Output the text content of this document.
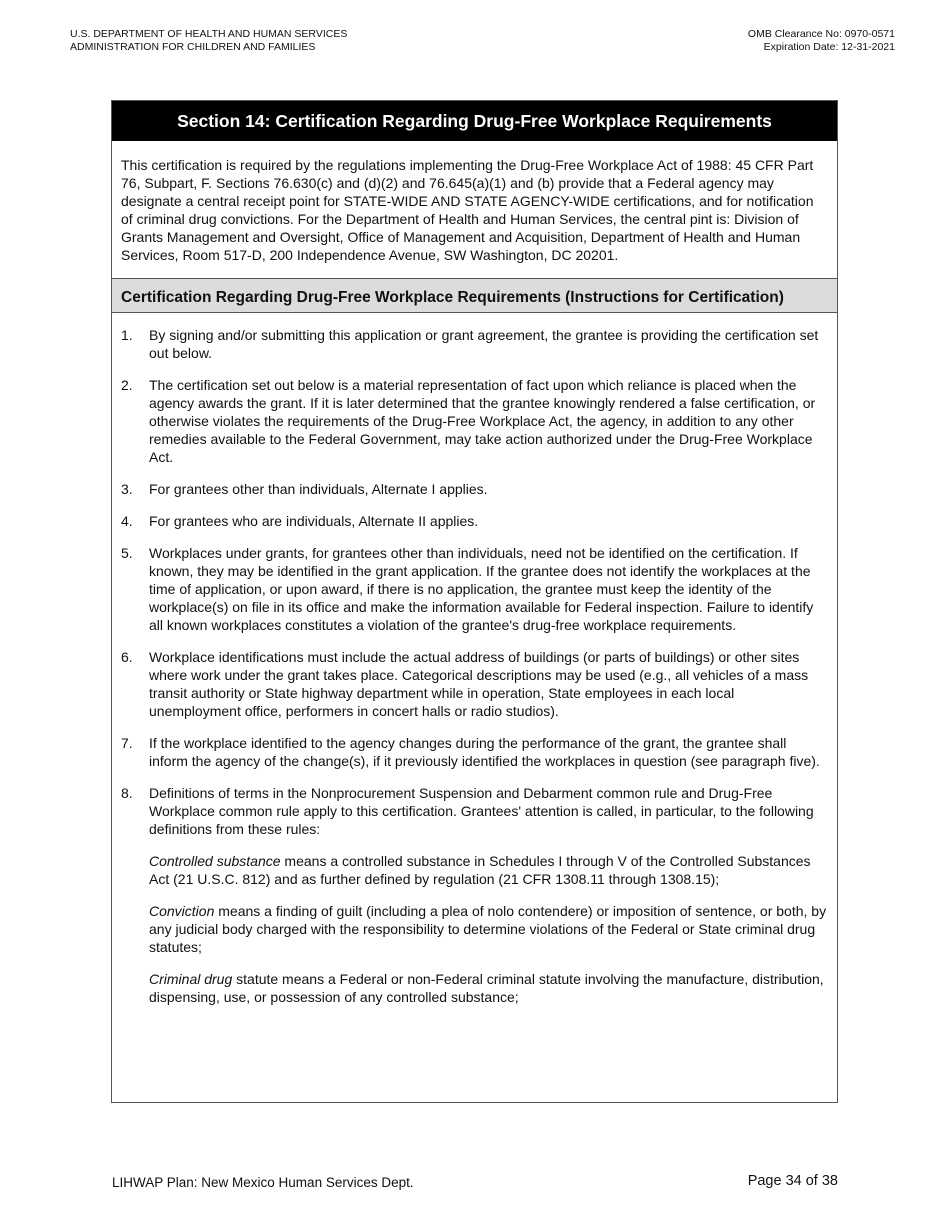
U.S. DEPARTMENT OF HEALTH AND HUMAN SERVICES
ADMINISTRATION FOR CHILDREN AND FAMILIES
OMB Clearance No: 0970-0571
Expiration Date: 12-31-2021
Section 14: Certification Regarding Drug-Free Workplace Requirements
This certification is required by the regulations implementing the Drug-Free Workplace Act of 1988: 45 CFR Part 76, Subpart, F. Sections 76.630(c) and (d)(2) and 76.645(a)(1) and (b) provide that a Federal agency may designate a central receipt point for STATE-WIDE AND STATE AGENCY-WIDE certifications, and for notification of criminal drug convictions. For the Department of Health and Human Services, the central pint is: Division of Grants Management and Oversight, Office of Management and Acquisition, Department of Health and Human Services, Room 517-D, 200 Independence Avenue, SW Washington, DC 20201.
Certification Regarding Drug-Free Workplace Requirements (Instructions for Certification)
1.	By signing and/or submitting this application or grant agreement, the grantee is providing the certification set out below.
2.	The certification set out below is a material representation of fact upon which reliance is placed when the agency awards the grant. If it is later determined that the grantee knowingly rendered a false certification, or otherwise violates the requirements of the Drug-Free Workplace Act, the agency, in addition to any other remedies available to the Federal Government, may take action authorized under the Drug-Free Workplace Act.
3.	For grantees other than individuals, Alternate I applies.
4.	For grantees who are individuals, Alternate II applies.
5.	Workplaces under grants, for grantees other than individuals, need not be identified on the certification. If known, they may be identified in the grant application. If the grantee does not identify the workplaces at the time of application, or upon award, if there is no application, the grantee must keep the identity of the workplace(s) on file in its office and make the information available for Federal inspection. Failure to identify all known workplaces constitutes a violation of the grantee's drug-free workplace requirements.
6.	Workplace identifications must include the actual address of buildings (or parts of buildings) or other sites where work under the grant takes place. Categorical descriptions may be used (e.g., all vehicles of a mass transit authority or State highway department while in operation, State employees in each local unemployment office, performers in concert halls or radio studios).
7.	If the workplace identified to the agency changes during the performance of the grant, the grantee shall inform the agency of the change(s), if it previously identified the workplaces in question (see paragraph five).
8.	Definitions of terms in the Nonprocurement Suspension and Debarment common rule and Drug-Free Workplace common rule apply to this certification. Grantees' attention is called, in particular, to the following definitions from these rules:
Controlled substance means a controlled substance in Schedules I through V of the Controlled Substances Act (21 U.S.C. 812) and as further defined by regulation (21 CFR 1308.11 through 1308.15);
Conviction means a finding of guilt (including a plea of nolo contendere) or imposition of sentence, or both, by any judicial body charged with the responsibility to determine violations of the Federal or State criminal drug statutes;
Criminal drug statute means a Federal or non-Federal criminal statute involving the manufacture, distribution, dispensing, use, or possession of any controlled substance;
LIHWAP Plan: New Mexico Human Services Dept.	Page 34 of 38
